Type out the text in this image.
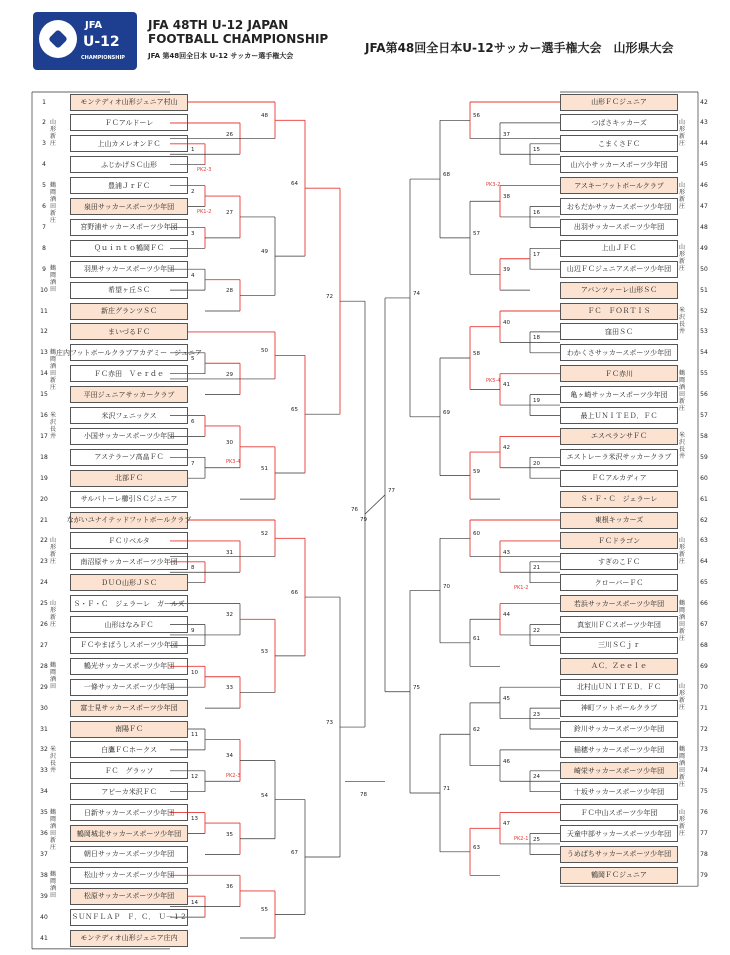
JFA
U-12
CHAMPIONSHIP
JFA 48TH U-12 JAPAN FOOTBALL CHAMPIONSHIP
JFA 第48回全日本 U-12 サッカー選手権大会
JFA第48回全日本U-12サッカー選手権大会　山形県大会
1	モンテディオ山形ジュニア村山
2	ＦＣアルドーレ
3	上山カメレオンＦＣ
4	ふじかげＳＣ山形
5	豊浦ＪｒＦＣ
6	泉田サッカースポーツ少年団
7	宮野浦サッカースポーツ少年団
8	Ｑｕｉｎｔｏ鶴岡ＦＣ
9	羽黒サッカースポーツ少年団
10	希望ヶ丘ＳＣ
11	新庄グランツＳＣ
12	まいづるＦＣ
13	庄内フットボールクラブアカデミー　ジュニア
14	ＦＣ赤田　Ｖｅｒｄｅ
15	平田ジュニアサッカークラブ
16	米沢フェニックス
17	小国サッカースポーツ少年団
18	アステラーソ高畠ＦＣ
19	北部ＦＣ
20	サルパトーレ櫛引ＳＣジュニア
21	ながいユナイテッドフットボールクラブ
22	ＦＣリベルタ
23	南沼原サッカースポーツ少年団
24	ＤＵＯ山形ＪＳＣ
25	Ｓ・Ｆ・Ｃ　ジェラーレ　ガールズ
26	山形はなみＦＣ
27	ＦＣやまばうしスポーツ少年団
28	鶴光サッカースポーツ少年団
29	一條サッカースポーツ少年団
30	富士見サッカースポーツ少年団
31	南陽ＦＣ
32	白鷹ＦＣホークス
33	ＦＣ　グラッソ
34	アビーカ米沢ＦＣ
35	日新サッカースポーツ少年団
36	鶴岡城北サッカースポーツ少年団
37	朝日サッカースポーツ少年団
38	松山サッカースポーツ少年団
39	松原サッカースポーツ少年団
40	ＳＵＮＦＬＡＰ　Ｆ．Ｃ．　Ｕ－１２
41	モンテディオ山形ジュニア庄内
山形ＦＣジュニア	42
つばさキッカーズ	43
こまくさＦＣ	44
山六小サッカースポーツ少年団	45
アスキーフットボールクラブ	46
おもだかサッカースポーツ少年団	47
出羽サッカースポーツ少年団	48
上山ＪＦＣ	49
山辺ＦＣジュニアスポーツ少年団	50
アバンツァーレ山形ＳＣ	51
ＦＣ　ＦＯＲＴＩＳ	52
窪田ＳＣ	53
わかくさサッカースポーツ少年団	54
ＦＣ赤川	55
亀ヶ崎サッカースポーツ少年団	56
最上ＵＮＩＴＥＤ．ＦＣ	57
エスペランサＦＣ	58
エストレーラ米沢サッカークラブ	59
ＦＣアルカディア	60
Ｓ・Ｆ・Ｃ　ジェラーレ	61
東根キッカーズ	62
ＦＣドラゴン	63
すぎのこＦＣ	64
クローバーＦＣ	65
若浜サッカースポーツ少年団	66
真室川ＦＣスポーツ少年団	67
三川ＳＣｊｒ	68
ＡＣ．Ｚｅｅｌｅ	69
北村山ＵＮＩＴＥＤ．ＦＣ	70
神町フットボールクラブ	71
鈴川サッカースポーツ少年団	72
稲穂サッカースポーツ少年団	73
崎栄サッカースポーツ少年団	74
十坂サッカースポーツ少年団	75
ＦＣ中山スポーツ少年団	76
天童中部サッカースポーツ少年団	77
うめばちサッカースポーツ少年団	78
鶴岡ＦＣジュニア	79
山形新庄
鶴岡酒田新庄
鶴岡酒田
鶴岡酒田新庄
米沢長井
山形新庄
山形新庄
鶴岡酒田
米沢長井
鶴岡酒田新庄
鶴岡酒田
山形新庄
山形新庄
山形新庄
米沢長井
鶴岡酒田新庄
米沢長井
山形新庄
鶴岡酒田新庄
山形新庄
鶴岡酒田新庄
山形新庄
1
2
3
4
26
27
28
48
49
64
5
6
7
29
30
50
51
65
72
8
9
10
31
32
33
52
53
66
11
12
13
14
34
35
36
54
55
67
73
76
15
16
17
37
38
39
56
57
68
18
19
20
40
41
42
58
59
69
74
21
22
43
44
60
61
70
23
24
25
45
46
47
62
63
71
75
77
79
78
PK2-3
PK1-2
PK3-4
PK2-3
PK3-2
PK5-4
PK1-2
PK2-1
